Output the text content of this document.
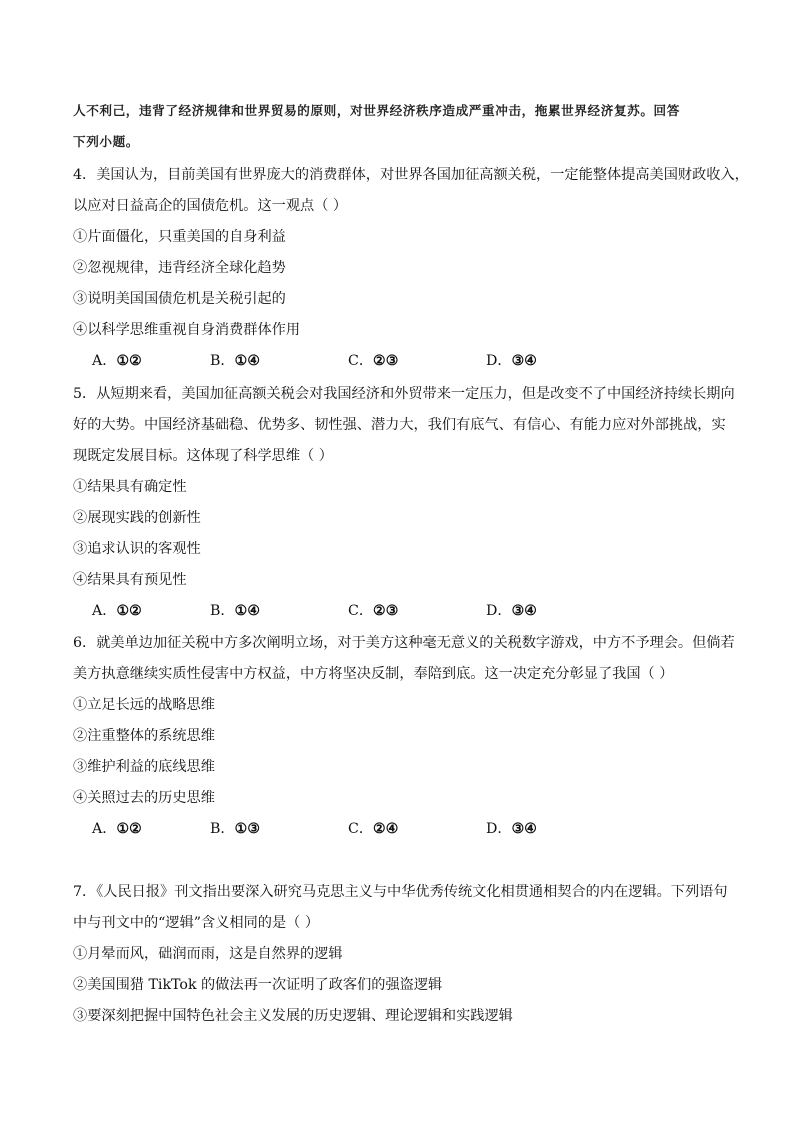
人不利己，违背了经济规律和世界贸易的原则，对世界经济秩序造成严重冲击，拖累世界经济复苏。回答
下列小题。
4．美国认为，目前美国有世界庞大的消费群体，对世界各国加征高额关税，一定能整体提高美国财政收入，
以应对日益高企的国债危机。这一观点（ ）
①片面僵化，只重美国的自身利益
②忽视规律，违背经济全球化趋势
③说明美国国债危机是关税引起的
④以科学思维重视自身消费群体作用
A．①②	B．①④	C．②③	D．③④
5．从短期来看，美国加征高额关税会对我国经济和外贸带来一定压力，但是改变不了中国经济持续长期向
好的大势。中国经济基础稳、优势多、韧性强、潜力大，我们有底气、有信心、有能力应对外部挑战，实
现既定发展目标。这体现了科学思维（ ）
①结果具有确定性
②展现实践的创新性
③追求认识的客观性
④结果具有预见性
A．①②	B．①④	C．②③	D．③④
6．就美单边加征关税中方多次阐明立场，对于美方这种毫无意义的关税数字游戏，中方不予理会。但倘若
美方执意继续实质性侵害中方权益，中方将坚决反制，奉陪到底。这一决定充分彰显了我国（ ）
①立足长远的战略思维
②注重整体的系统思维
③维护利益的底线思维
④关照过去的历史思维
A．①②	B．①③	C．②④	D．③④
7．《人民日报》刊文指出要深入研究马克思主义与中华优秀传统文化相贯通相契合的内在逻辑。下列语句
中与刊文中的“逻辑”含义相同的是（ ）
①月晕而风，础润而雨，这是自然界的逻辑
②美国围猎 TikTok 的做法再一次证明了政客们的强盗逻辑
③要深刻把握中国特色社会主义发展的历史逻辑、理论逻辑和实践逻辑
